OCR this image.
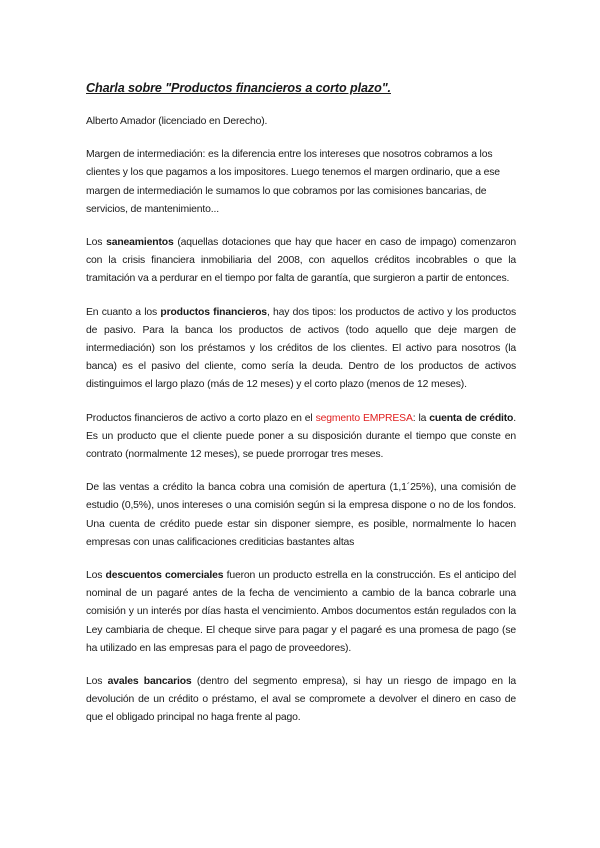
Charla sobre "Productos financieros a corto plazo".

Alberto Amador (licenciado en Derecho).

Margen de intermediación: es la diferencia entre los intereses que nosotros cobramos a los clientes y los que pagamos a los impositores. Luego tenemos el margen ordinario, que a ese margen de intermediación le sumamos lo que cobramos por las comisiones bancarias, de servicios, de mantenimiento...

Los saneamientos (aquellas dotaciones que hay que hacer en caso de impago) comenzaron con la crisis financiera inmobiliaria del 2008, con aquellos créditos incobrables o que la tramitación va a perdurar en el tiempo por falta de garantía, que surgieron a partir de entonces.

En cuanto a los productos financieros, hay dos tipos: los productos de activo y los productos de pasivo. Para la banca los productos de activos (todo aquello que deje margen de intermediación) son los préstamos y los créditos de los clientes. El activo para nosotros (la banca) es el pasivo del cliente, como sería la deuda. Dentro de los productos de activos distinguimos el largo plazo (más de 12 meses) y el corto plazo (menos de 12 meses).

Productos financieros de activo a corto plazo en el segmento EMPRESA: la cuenta de crédito. Es un producto que el cliente puede poner a su disposición durante el tiempo que conste en contrato (normalmente 12 meses), se puede prorrogar tres meses.

De las ventas a crédito la banca cobra una comisión de apertura (1,1´25%), una comisión de estudio (0,5%), unos intereses o una comisión según si la empresa dispone o no de los fondos. Una cuenta de crédito puede estar sin disponer siempre, es posible, normalmente lo hacen empresas con unas calificaciones crediticias bastantes altas

Los descuentos comerciales fueron un producto estrella en la construcción. Es el anticipo del nominal de un pagaré antes de la fecha de vencimiento a cambio de la banca cobrarle una comisión y un interés por días hasta el vencimiento. Ambos documentos están regulados con la Ley cambiaria de cheque. El cheque sirve para pagar y el pagaré es una promesa de pago (se ha utilizado en las empresas para el pago de proveedores).

Los avales bancarios (dentro del segmento empresa), si hay un riesgo de impago en la devolución de un crédito o préstamo, el aval se compromete a devolver el dinero en caso de que el obligado principal no haga frente al pago.
